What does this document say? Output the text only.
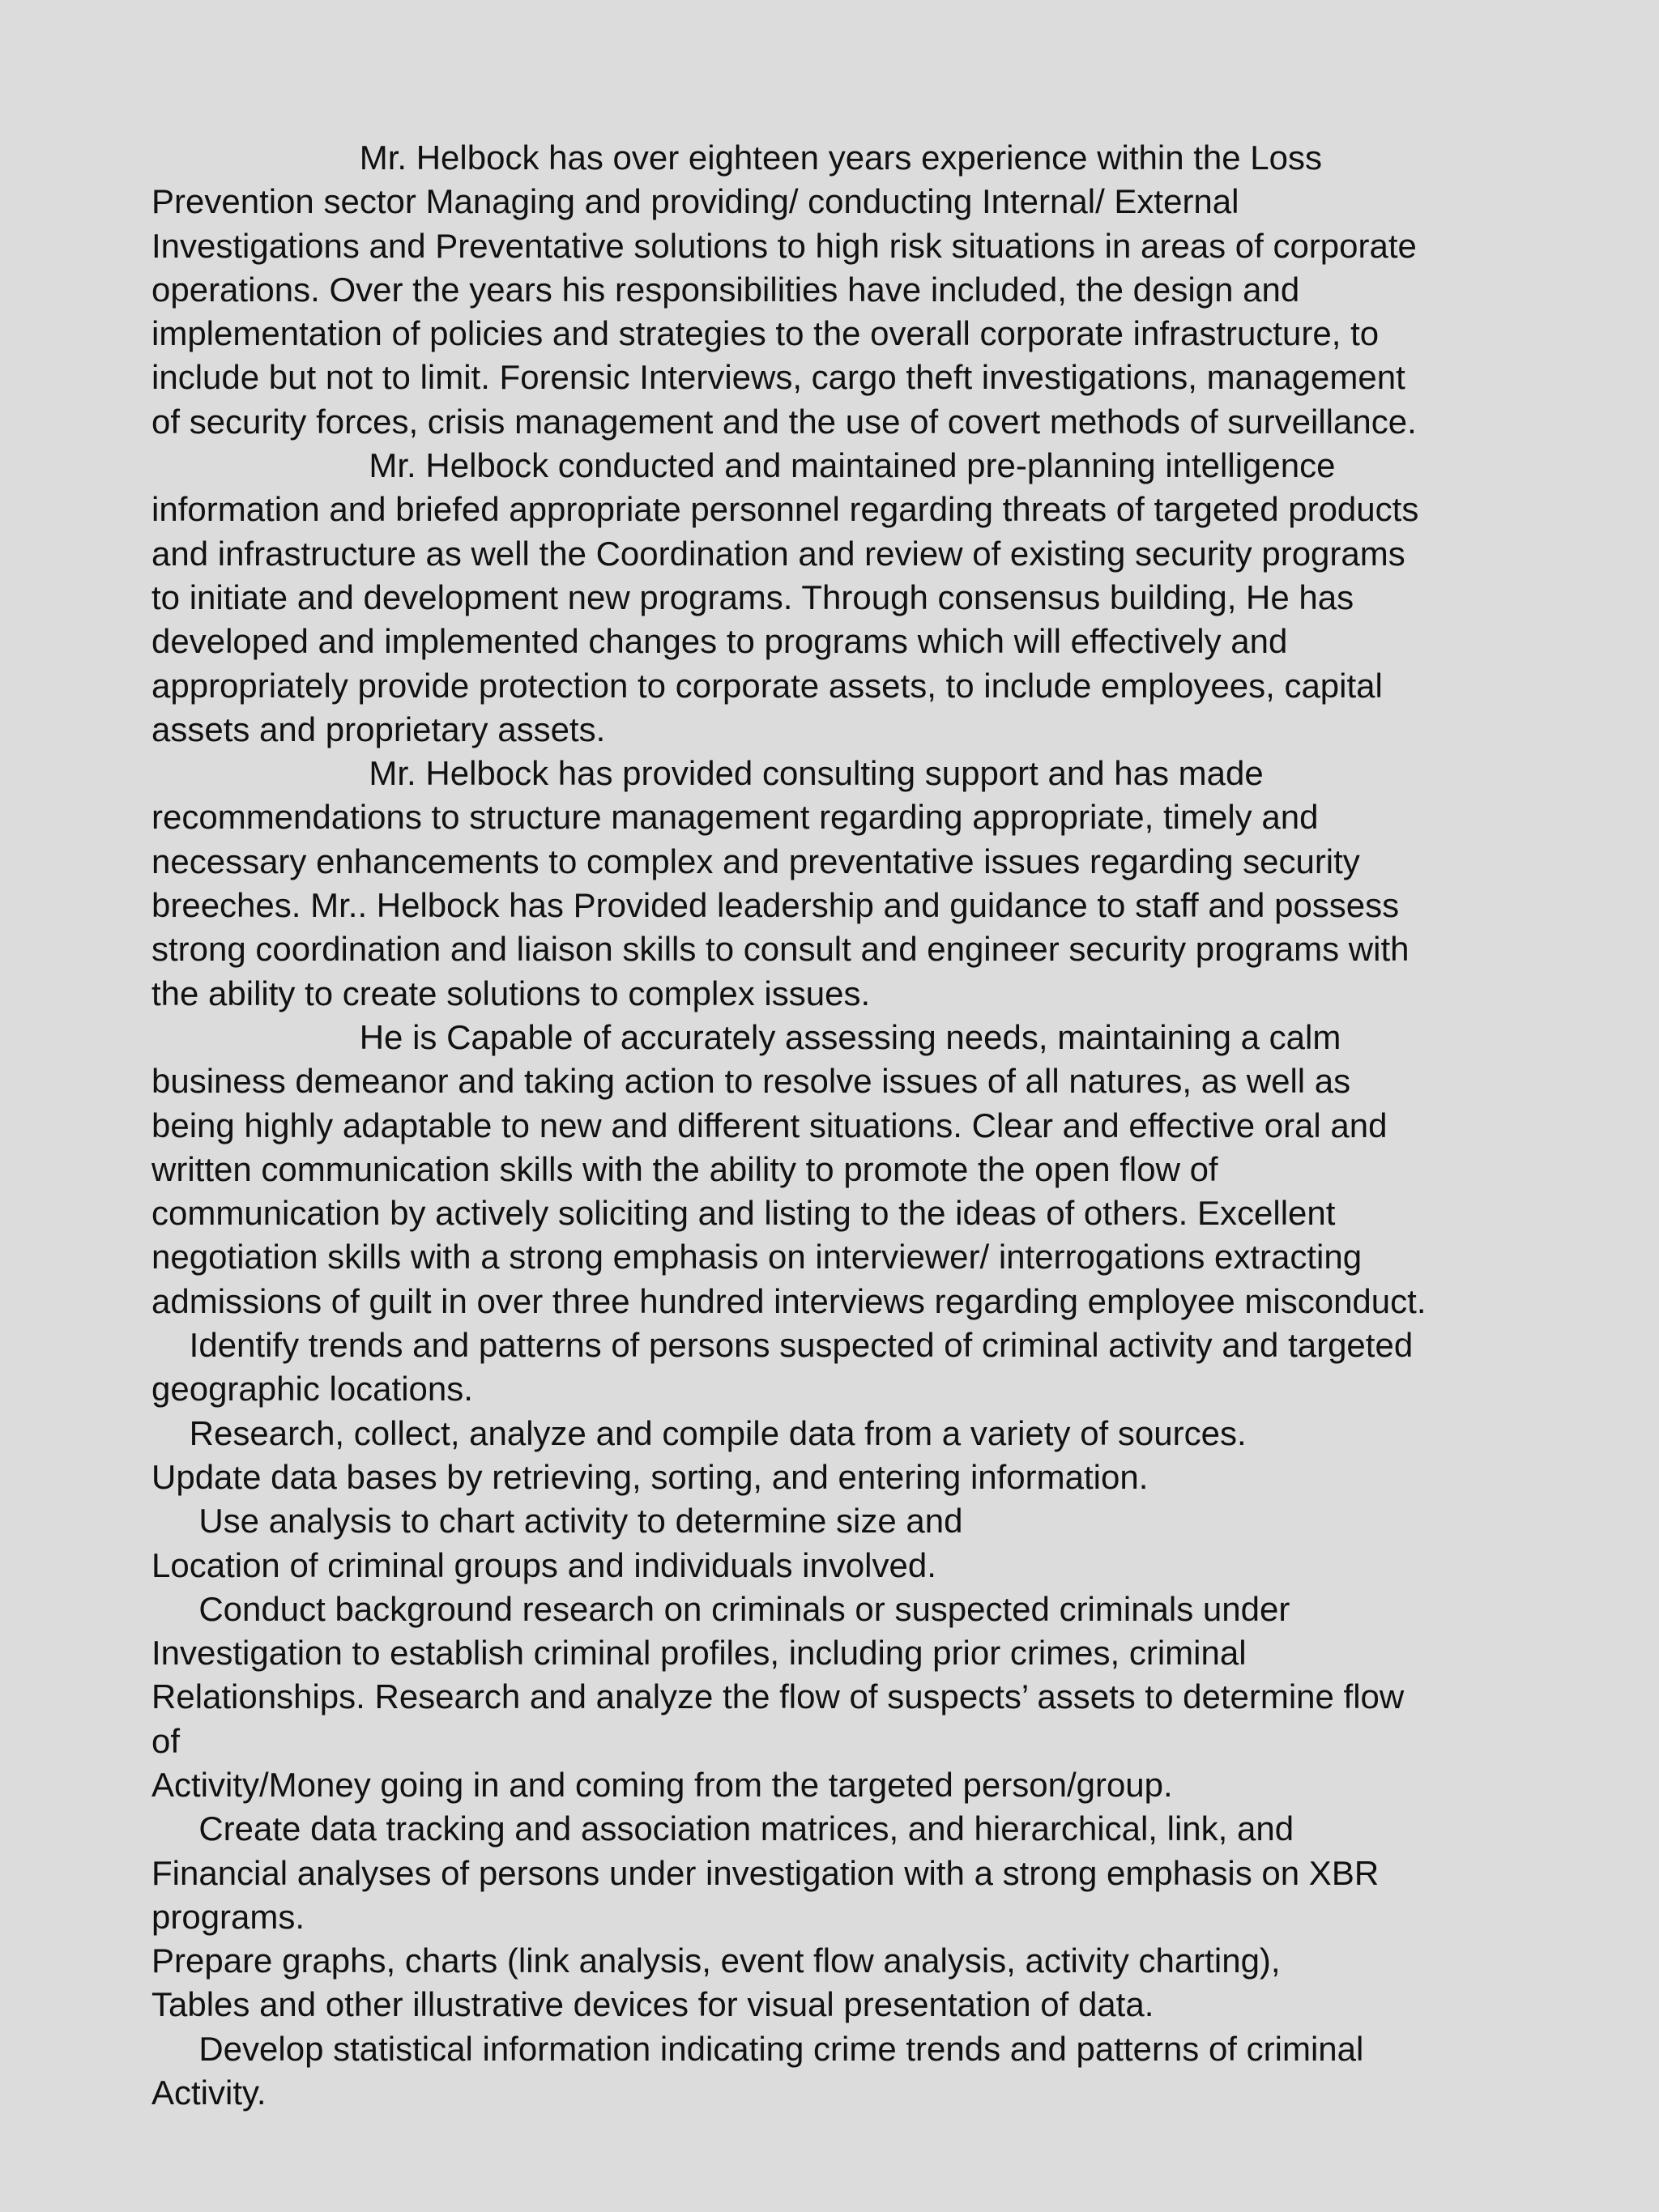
Mr. Helbock has over eighteen years experience within the Loss
Prevention sector Managing and providing/ conducting Internal/ External
Investigations and Preventative solutions to high risk situations in areas of corporate
operations. Over the years his responsibilities have included, the design and
implementation of policies and strategies to the overall corporate infrastructure, to
include but not to limit. Forensic Interviews, cargo theft investigations, management
of security forces, crisis management and the use of covert methods of surveillance.
Mr. Helbock conducted and maintained pre-planning intelligence
information and briefed appropriate personnel regarding threats of targeted products
and infrastructure as well the Coordination and review of existing security programs
to initiate and development new programs. Through consensus building, He has
developed and implemented changes to programs which will effectively and
appropriately provide protection to corporate assets, to include employees, capital
assets and proprietary assets.
Mr. Helbock has provided consulting support and has made
recommendations to structure management regarding appropriate, timely and
necessary enhancements to complex and preventative issues regarding security
breeches. Mr.. Helbock has Provided leadership and guidance to staff and possess
strong coordination and liaison skills to consult and engineer security programs with
the ability to create solutions to complex issues.
He is Capable of accurately assessing needs, maintaining a calm
business demeanor and taking action to resolve issues of all natures, as well as
being highly adaptable to new and different situations. Clear and effective oral and
written communication skills with the ability to promote the open flow of
communication by actively soliciting and listing to the ideas of others. Excellent
negotiation skills with a strong emphasis on interviewer/ interrogations extracting
admissions of guilt in over three hundred interviews regarding employee misconduct.
Identify trends and patterns of persons suspected of criminal activity and targeted
geographic locations.
Research, collect, analyze and compile data from a variety of sources.
Update data bases by retrieving, sorting, and entering information.
Use analysis to chart activity to determine size and
Location of criminal groups and individuals involved.
Conduct background research on criminals or suspected criminals under
Investigation to establish criminal profiles, including prior crimes, criminal
Relationships. Research and analyze the flow of suspects’ assets to determine flow
of
Activity/Money going in and coming from the targeted person/group.
Create data tracking and association matrices, and hierarchical, link, and
Financial analyses of persons under investigation with a strong emphasis on XBR
programs.
Prepare graphs, charts (link analysis, event flow analysis, activity charting),
Tables and other illustrative devices for visual presentation of data.
Develop statistical information indicating crime trends and patterns of criminal
Activity.
